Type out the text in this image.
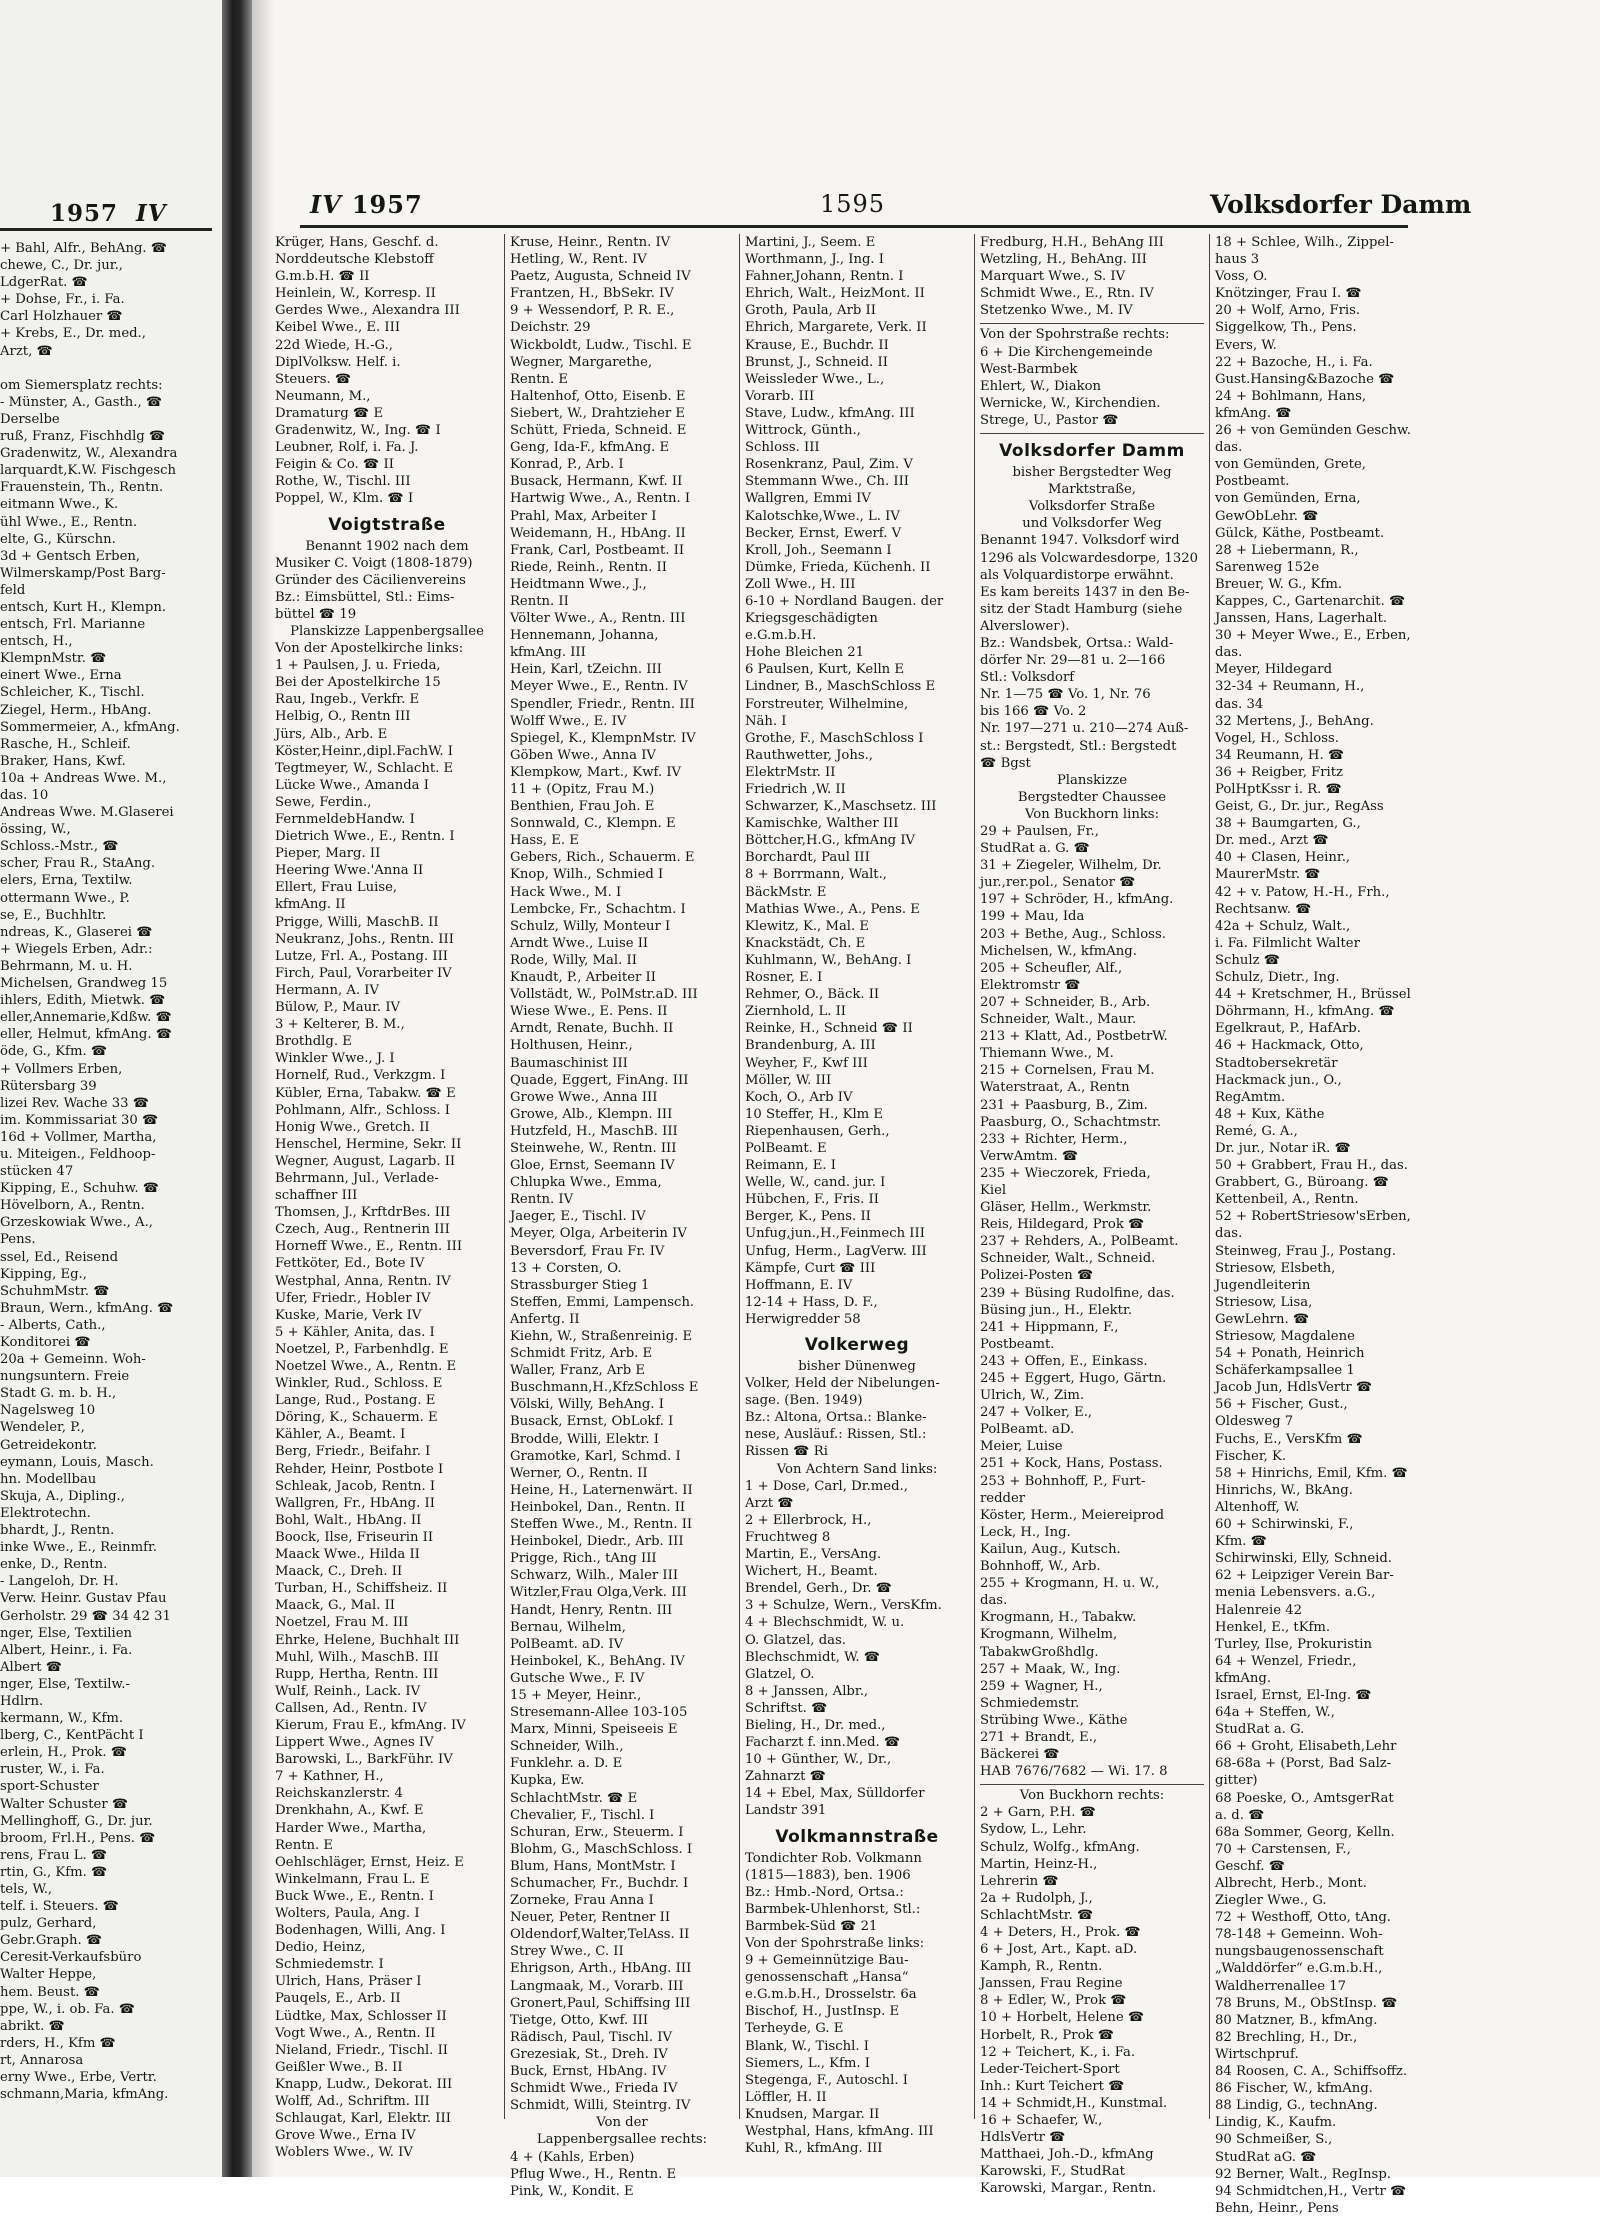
1957 IV
+ Bahl, Alfr., BehAng. ☎
chewe, C., Dr. jur.,
LdgerRat. ☎
+ Dohse, Fr., i. Fa.
Carl Holzhauer ☎
+ Krebs, E., Dr. med.,
Arzt, ☎

om Siemersplatz rechts:
- Münster, A., Gasth., ☎
Derselbe
ruß, Franz, Fischhdlg ☎
Gradenwitz, W., Alexandra
larquardt,K.W. Fischgesch
Frauenstein, Th., Rentn.
eitmann Wwe., K.
ühl Wwe., E., Rentn.
elte, G., Kürschn.
3d + Gentsch Erben,
Wilmerskamp/Post Barg-
feld
entsch, Kurt H., Klempn.
entsch, Frl. Marianne
entsch, H.,
KlempnMstr. ☎
einert Wwe., Erna
Schleicher, K., Tischl.
Ziegel, Herm., HbAng.
Sommermeier, A., kfmAng.
Rasche, H., Schleif.
Braker, Hans, Kwf.
10a + Andreas Wwe. M.,
das. 10
Andreas Wwe. M.Glaserei
össing, W.,
Schloss.-Mstr., ☎
scher, Frau R., StaAng.
elers, Erna, Textilw.
ottermann Wwe., P.
se, E., Buchhltr.
ndreas, K., Glaserei ☎
+ Wiegels Erben, Adr.:
Behrmann, M. u. H.
Michelsen, Grandweg 15
ihlers, Edith, Mietwk. ☎
eller,Annemarie,Kdßw. ☎
eller, Helmut, kfmAng. ☎
öde, G., Kfm. ☎
+ Vollmers Erben,
Rütersbarg 39
lizei Rev. Wache 33 ☎
im. Kommissariat 30 ☎
16d + Vollmer, Martha,
u. Miteigen., Feldhoop-
stücken 47
Kipping, E., Schuhw. ☎
Hövelborn, A., Rentn.
Grzeskowiak Wwe., A.,
Pens.
ssel, Ed., Reisend
Kipping, Eg.,
SchuhmMstr. ☎
Braun, Wern., kfmAng. ☎
- Alberts, Cath.,
Konditorei ☎
20a + Gemeinn. Woh-
nungsuntern. Freie
Stadt G. m. b. H.,
Nagelsweg 10
Wendeler, P.,
Getreidekontr.
eymann, Louis, Masch.
hn. Modellbau
Skuja, A., Dipling.,
Elektrotechn.
bhardt, J., Rentn.
inke Wwe., E., Reinmfr.
enke, D., Rentn.
- Langeloh, Dr. H.
Verw. Heinr. Gustav Pfau
Gerholstr. 29 ☎ 34 42 31
nger, Else, Textilien
Albert, Heinr., i. Fa.
Albert ☎
nger, Else, Textilw.-
Hdlrn.
kermann, W., Kfm.
lberg, C., KentPächt I
erlein, H., Prok. ☎
ruster, W., i. Fa.
sport-Schuster
Walter Schuster ☎
Mellinghoff, G., Dr. jur.
broom, Frl.H., Pens. ☎
rens, Frau L. ☎
rtin, G., Kfm. ☎
tels, W.,
telf. i. Steuers. ☎
pulz, Gerhard,
Gebr.Graph. ☎
Ceresit-Verkaufsbüro
Walter Heppe,
hem. Beust. ☎
ppe, W., i. ob. Fa. ☎
abrikt. ☎
rders, H., Kfm ☎
rt, Annarosa
erny Wwe., Erbe, Vertr.
schmann,Maria, kfmAng.
IV 1957	1595	Volksdorfer Damm
Krüger, Hans, Geschf. d.
Norddeutsche Klebstoff
G.m.b.H. ☎ II
Heinlein, W., Korresp. II
Gerdes Wwe., Alexandra III
Keibel Wwe., E. III
22d Wiede, H.-G.,
DiplVolksw. Helf. i.
Steuers. ☎
Neumann, M.,
Dramaturg ☎ E
Gradenwitz, W., Ing. ☎ I
Leubner, Rolf, i. Fa. J.
Feigin & Co. ☎ II
Rothe, W., Tischl. III
Poppel, W., Klm. ☎ I
Voigtstraße
Benannt 1902 nach dem
Musiker C. Voigt (1808-1879)
Gründer des Cäcilienvereins
Bz.: Eimsbüttel, Stl.: Eims-
büttel ☎ 19
Planskizze Lappenbergsallee
Von der Apostelkirche links:
1 + Paulsen, J. u. Frieda,
Bei der Apostelkirche 15
Rau, Ingeb., Verkfr. E
Helbig, O., Rentn III
Jürs, Alb., Arb. E
Köster,Heinr.,dipl.FachW. I
Tegtmeyer, W., Schlacht. E
Lücke Wwe., Amanda I
Sewe, Ferdin.,
FernmeldebHandw. I
Dietrich Wwe., E., Rentn. I
Pieper, Marg. II
Heering Wwe.'Anna II
Ellert, Frau Luise,
kfmAng. II
Prigge, Willi, MaschB. II
Neukranz, Johs., Rentn. III
Lutze, Frl. A., Postang. III
Firch, Paul, Vorarbeiter IV
Hermann, A. IV
Bülow, P., Maur. IV
3 + Kelterer, B. M.,
Brothdlg. E
Winkler Wwe., J. I
Hornelf, Rud., Verkzgm. I
Kübler, Erna, Tabakw. ☎ E
Pohlmann, Alfr., Schloss. I
Honig Wwe., Gretch. II
Henschel, Hermine, Sekr. II
Wegner, August, Lagarb. II
Behrmann, Jul., Verlade-
schaffner III
Thomsen, J., KrftdrBes. III
Czech, Aug., Rentnerin III
Horneff Wwe., E., Rentn. III
Fettköter, Ed., Bote IV
Westphal, Anna, Rentn. IV
Ufer, Friedr., Hobler IV
Kuske, Marie, Verk IV
5 + Kähler, Anita, das. I
Noetzel, P., Farbenhdlg. E
Noetzel Wwe., A., Rentn. E
Winkler, Rud., Schloss. E
Lange, Rud., Postang. E
Döring, K., Schauerm. E
Kähler, A., Beamt. I
Berg, Friedr., Beifahr. I
Rehder, Heinr, Postbote I
Schleak, Jacob, Rentn. I
Wallgren, Fr., HbAng. II
Bohl, Walt., HbAng. II
Boock, Ilse, Friseurin II
Maack Wwe., Hilda II
Maack, C., Dreh. II
Turban, H., Schiffsheiz. II
Maack, G., Mal. II
Noetzel, Frau M. III
Ehrke, Helene, Buchhalt III
Muhl, Wilh., MaschB. III
Rupp, Hertha, Rentn. III
Wulf, Reinh., Lack. IV
Callsen, Ad., Rentn. IV
Kierum, Frau E., kfmAng. IV
Lippert Wwe., Agnes IV
Barowski, L., BarkFühr. IV
7 + Kathner, H.,
Reichskanzlerstr. 4
Drenkhahn, A., Kwf. E
Harder Wwe., Martha,
Rentn. E
Oehlschläger, Ernst, Heiz. E
Winkelmann, Frau L. E
Buck Wwe., E., Rentn. I
Wolters, Paula, Ang. I
Bodenhagen, Willi, Ang. I
Dedio, Heinz,
Schmiedemstr. I
Ulrich, Hans, Präser I
Pauqels, E., Arb. II
Lüdtke, Max, Schlosser II
Vogt Wwe., A., Rentn. II
Nieland, Friedr., Tischl. II
Geißler Wwe., B. II
Knapp, Ludw., Dekorat. III
Wolff, Ad., Schriftm. III
Schlaugat, Karl, Elektr. III
Grove Wwe., Erna IV
Woblers Wwe., W. IV
Kruse, Heinr., Rentn. IV
Hetling, W., Rent. IV
Paetz, Augusta, Schneid IV
Frantzen, H., BbSekr. IV
9 + Wessendorf, P. R. E.,
Deichstr. 29
Wickboldt, Ludw., Tischl. E
Wegner, Margarethe,
Rentn. E
Haltenhof, Otto, Eisenb. E
Siebert, W., Drahtzieher E
Schütt, Frieda, Schneid. E
Geng, Ida-F., kfmAng. E
Konrad, P., Arb. I
Busack, Hermann, Kwf. II
Hartwig Wwe., A., Rentn. I
Prahl, Max, Arbeiter I
Weidemann, H., HbAng. II
Frank, Carl, Postbeamt. II
Riede, Reinh., Rentn. II
Heidtmann Wwe., J.,
Rentn. II
Völter Wwe., A., Rentn. III
Hennemann, Johanna,
kfmAng. III
Hein, Karl, tZeichn. III
Meyer Wwe., E., Rentn. IV
Spendler, Friedr., Rentn. III
Wolff Wwe., E. IV
Spiegel, K., KlempnMstr. IV
Göben Wwe., Anna IV
Klempkow, Mart., Kwf. IV
11 + (Opitz, Frau M.)
Benthien, Frau Joh. E
Sonnwald, C., Klempn. E
Hass, E. E
Gebers, Rich., Schauerm. E
Knop, Wilh., Schmied I
Hack Wwe., M. I
Lembcke, Fr., Schachtm. I
Schulz, Willy, Monteur I
Arndt Wwe., Luise II
Rode, Willy, Mal. II
Knaudt, P., Arbeiter II
Vollstädt, W., PolMstr.aD. III
Wiese Wwe., E. Pens. II
Arndt, Renate, Buchh. II
Holthusen, Heinr.,
Baumaschinist III
Quade, Eggert, FinAng. III
Growe Wwe., Anna III
Growe, Alb., Klempn. III
Hutzfeld, H., MaschB. III
Steinwehe, W., Rentn. III
Gloe, Ernst, Seemann IV
Chlupka Wwe., Emma,
Rentn. IV
Jaeger, E., Tischl. IV
Meyer, Olga, Arbeiterin IV
Beversdorf, Frau Fr. IV
13 + Corsten, O.
Strassburger Stieg 1
Steffen, Emmi, Lampensch.
Anfertg. II
Kiehn, W., Straßenreinig. E
Schmidt Fritz, Arb. E
Waller, Franz, Arb E
Buschmann,H.,KfzSchloss E
Völski, Willy, BehAng. I
Busack, Ernst, ObLokf. I
Brodde, Willi, Elektr. I
Gramotke, Karl, Schmd. I
Werner, O., Rentn. II
Heine, H., Laternenwärt. II
Heinbokel, Dan., Rentn. II
Steffen Wwe., M., Rentn. II
Heinbokel, Diedr., Arb. III
Prigge, Rich., tAng III
Schwarz, Wilh., Maler III
Witzler,Frau Olga,Verk. III
Handt, Henry, Rentn. III
Bernau, Wilhelm,
PolBeamt. aD. IV
Heinbokel, K., BehAng. IV
Gutsche Wwe., F. IV
15 + Meyer, Heinr.,
Stresemann-Allee 103-105
Marx, Minni, Speiseeis E
Schneider, Wilh.,
Funklehr. a. D. E
Kupka, Ew.
SchlachtMstr. ☎ E
Chevalier, F., Tischl. I
Schuran, Erw., Steuerm. I
Blohm, G., MaschSchloss. I
Blum, Hans, MontMstr. I
Schumacher, Fr., Buchdr. I
Zorneke, Frau Anna I
Neuer, Peter, Rentner II
Oldendorf,Walter,TelAss. II
Strey Wwe., C. II
Ehrigson, Arth., HbAng. III
Langmaak, M., Vorarb. III
Gronert,Paul, Schiffsing III
Tietge, Otto, Kwf. III
Rädisch, Paul, Tischl. IV
Grezesiak, St., Dreh. IV
Buck, Ernst, HbAng. IV
Schmidt Wwe., Frieda IV
Schmidt, Willi, Steintrg. IV
Von der
Lappenbergsallee rechts:
4 + (Kahls, Erben)
Pflug Wwe., H., Rentn. E
Pink, W., Kondit. E
Martini, J., Seem. E
Worthmann, J., Ing. I
Fahner,Johann, Rentn. I
Ehrich, Walt., HeizMont. II
Groth, Paula, Arb II
Ehrich, Margarete, Verk. II
Krause, E., Buchdr. II
Brunst, J., Schneid. II
Weissleder Wwe., L.,
Vorarb. III
Stave, Ludw., kfmAng. III
Wittrock, Günth.,
Schloss. III
Rosenkranz, Paul, Zim. V
Stemmann Wwe., Ch. III
Wallgren, Emmi IV
Kalotschke,Wwe., L. IV
Becker, Ernst, Ewerf. V
Kroll, Joh., Seemann I
Dümke, Frieda, Küchenh. II
Zoll Wwe., H. III
6-10 + Nordland Baugen. der
Kriegsgeschädigten
e.G.m.b.H.
Hohe Bleichen 21
6 Paulsen, Kurt, Kelln E
Lindner, B., MaschSchloss E
Forstreuter, Wilhelmine,
Näh. I
Grothe, F., MaschSchloss I
Rauthwetter, Johs.,
ElektrMstr. II
Friedrich ,W. II
Schwarzer, K.,Maschsetz. III
Kamischke, Walther III
Böttcher,H.G., kfmAng IV
Borchardt, Paul III
8 + Borrmann, Walt.,
BäckMstr. E
Mathias Wwe., A., Pens. E
Klewitz, K., Mal. E
Knackstädt, Ch. E
Kuhlmann, W., BehAng. I
Rosner, E. I
Rehmer, O., Bäck. II
Ziernhold, L. II
Reinke, H., Schneid ☎ II
Brandenburg, A. III
Weyher, F., Kwf III
Möller, W. III
Koch, O., Arb IV
10 Steffer, H., Klm E
Riepenhausen, Gerh.,
PolBeamt. E
Reimann, E. I
Welle, W., cand. jur. I
Hübchen, F., Fris. II
Berger, K., Pens. II
Unfug,jun.,H.,Feinmech III
Unfug, Herm., LagVerw. III
Kämpfe, Curt ☎ III
Hoffmann, E. IV
12-14 + Hass, D. F.,
Herwigredder 58
Volkerweg
bisher Dünenweg
Volker, Held der Nibelungen-
sage. (Ben. 1949)
Bz.: Altona, Ortsa.: Blanke-
nese, Ausläuf.: Rissen, Stl.:
Rissen ☎ Ri
Von Achtern Sand links:
1 + Dose, Carl, Dr.med.,
Arzt ☎
2 + Ellerbrock, H.,
Fruchtweg 8
Martin, E., VersAng.
Wichert, H., Beamt.
Brendel, Gerh., Dr. ☎
3 + Schulze, Wern., VersKfm.
4 + Blechschmidt, W. u.
O. Glatzel, das.
Blechschmidt, W. ☎
Glatzel, O.
8 + Janssen, Albr.,
Schriftst. ☎
Bieling, H., Dr. med.,
Facharzt f. inn.Med. ☎
10 + Günther, W., Dr.,
Zahnarzt ☎
14 + Ebel, Max, Sülldorfer
Landstr 391
Volkmannstraße
Tondichter Rob. Volkmann
(1815—1883), ben. 1906
Bz.: Hmb.-Nord, Ortsa.:
Barmbek-Uhlenhorst, Stl.:
Barmbek-Süd ☎ 21
Von der Spohrstraße links:
9 + Gemeinnützige Bau-
genossenschaft „Hansa“
e.G.m.b.H., Drosselstr. 6a
Bischof, H., JustInsp. E
Terheyde, G. E
Blank, W., Tischl. I
Siemers, L., Kfm. I
Stegenga, F., Autoschl. I
Löffler, H. II
Knudsen, Margar. II
Westphal, Hans, kfmAng. III
Kuhl, R., kfmAng. III
Fredburg, H.H., BehAng III
Wetzling, H., BehAng. III
Marquart Wwe., S. IV
Schmidt Wwe., E., Rtn. IV
Stetzenko Wwe., M. IV
Von der Spohrstraße rechts:
6 + Die Kirchengemeinde
West-Barmbek
Ehlert, W., Diakon
Wernicke, W., Kirchendien.
Strege, U., Pastor ☎
Volksdorfer Damm
bisher Bergstedter Weg
Marktstraße,
Volksdorfer Straße
und Volksdorfer Weg
Benannt 1947. Volksdorf wird
1296 als Volcwardesdorpe, 1320
als Volquardistorpe erwähnt.
Es kam bereits 1437 in den Be-
sitz der Stadt Hamburg (siehe
Alverslowег).
Bz.: Wandsbek, Ortsa.: Wald-
dörfer Nr. 29—81 u. 2—166
Stl.: Volksdorf
Nr. 1—75 ☎ Vo. 1, Nr. 76
bis 166 ☎ Vo. 2
Nr. 197—271 u. 210—274 Auß-
st.: Bergstedt, Stl.: Bergstedt
☎ Bgst
Planskizze
Bergstedter Chaussee
Von Buckhorn links:
29 + Paulsen, Fr.,
StudRat a. G. ☎
31 + Ziegeler, Wilhelm, Dr.
jur.,rer.pol., Senator ☎
197 + Schröder, H., kfmAng.
199 + Mau, Ida
203 + Bethe, Aug., Schloss.
Michelsen, W., kfmAng.
205 + Scheufler, Alf.,
Elektromstr ☎
207 + Schneider, B., Arb.
Schneider, Walt., Maur.
213 + Klatt, Ad., PostbetrW.
Thiemann Wwe., M.
215 + Cornelsen, Frau M.
Waterstraat, A., Rentn
231 + Paasburg, B., Zim.
Paasburg, O., Schachtmstr.
233 + Richter, Herm.,
VerwAmtm. ☎
235 + Wieczorek, Frieda,
Kiel
Gläser, Hellm., Werkmstr.
Reis, Hildegard, Prok ☎
237 + Rehders, A., PolBeamt.
Schneider, Walt., Schneid.
Polizei-Posten ☎
239 + Büsing Rudolfine, das.
Büsing jun., H., Elektr.
241 + Hippmann, F.,
Postbeamt.
243 + Offen, E., Einkass.
245 + Eggert, Hugo, Gärtn.
Ulrich, W., Zim.
247 + Volker, E.,
PolBeamt. aD.
Meier, Luise
251 + Kock, Hans, Postass.
253 + Bohnhoff, P., Furt-
redder
Köster, Herm., Meiereiprod
Leck, H., Ing.
Kailun, Aug., Kutsch.
Bohnhoff, W., Arb.
255 + Krogmann, H. u. W.,
das.
Krogmann, H., Tabakw.
Krogmann, Wilhelm,
TabakwGroßhdlg.
257 + Maak, W., Ing.
259 + Wagner, H.,
Schmiedemstr.
Strübing Wwe., Käthe
271 + Brandt, E.,
Bäckerei ☎
HAB 7676/7682 — Wi. 17. 8
Von Buckhorn rechts:
2 + Garn, P.H. ☎
Sydow, L., Lehr.
Schulz, Wolfg., kfmAng.
Martin, Heinz-H.,
Lehrerin ☎
2a + Rudolph, J.,
SchlachtMstr. ☎
4 + Deters, H., Prok. ☎
6 + Jost, Art., Kapt. aD.
Kamph, R., Rentn.
Janssen, Frau Regine
8 + Edler, W., Prok ☎
10 + Horbelt, Helene ☎
Horbelt, R., Prok ☎
12 + Teichert, K., i. Fa.
Leder-Teichert-Sport
Inh.: Kurt Teichert ☎
14 + Schmidt,H., Kunstmal.
16 + Schaefer, W.,
HdlsVertr ☎
Matthaei, Joh.-D., kfmAng
Karowski, F., StudRat
Karowski, Margar., Rentn.
18 + Schlee, Wilh., Zippel-
haus 3
Voss, O.
Knötzinger, Frau I. ☎
20 + Wolf, Arno, Fris.
Siggelkow, Th., Pens.
Evers, W.
22 + Bazoche, H., i. Fa.
Gust.Hansing&Bazoche ☎
24 + Bohlmann, Hans,
kfmAng. ☎
26 + von Gemünden Geschw.
das.
von Gemünden, Grete,
Postbeamt.
von Gemünden, Erna,
GewObLehr. ☎
Gülck, Käthe, Postbeamt.
28 + Liebermann, R.,
Sarenweg 152e
Breuer, W. G., Kfm.
Kappes, C., Gartenarchit. ☎
Janssen, Hans, Lagerhalt.
30 + Meyer Wwe., E., Erben,
das.
Meyer, Hildegard
32-34 + Reumann, H.,
das. 34
32 Mertens, J., BehAng.
Vogel, H., Schloss.
34 Reumann, H. ☎
36 + Reigber, Fritz
PolHptKssr i. R. ☎
Geist, G., Dr. jur., RegAss
38 + Baumgarten, G.,
Dr. med., Arzt ☎
40 + Clasen, Heinr.,
MaurerMstr. ☎
42 + v. Patow, H.-H., Frh.,
Rechtsanw. ☎
42a + Schulz, Walt.,
i. Fa. Filmlicht Walter
Schulz ☎
Schulz, Dietr., Ing.
44 + Kretschmer, H., Brüssel
Döhrmann, H., kfmAng. ☎
Egelkraut, P., HafArb.
46 + Hackmack, Otto,
Stadtobersekretär
Hackmack jun., O.,
RegAmtm.
48 + Kux, Käthe
Remé, G. A.,
Dr. jur., Notar iR. ☎
50 + Grabbert, Frau H., das.
Grabbert, G., Büroang. ☎
Kettenbeil, A., Rentn.
52 + RobertStriesow'sErben,
das.
Steinweg, Frau J., Postang.
Striesow, Elsbeth,
Jugendleiterin
Striesow, Lisa,
GewLehrn. ☎
Striesow, Magdalene
54 + Ponath, Heinrich
Schäferkampsallee 1
Jacob Jun, HdlsVertr ☎
56 + Fischer, Gust.,
Oldesweg 7
Fuchs, E., VersKfm ☎
Fischer, K.
58 + Hinrichs, Emil, Kfm. ☎
Hinrichs, W., BkAng.
Altenhoff, W.
60 + Schirwinski, F.,
Kfm. ☎
Schirwinski, Elly, Schneid.
62 + Leipziger Verein Bar-
menia Lebensvers. a.G.,
Halenreie 42
Henkel, E., tKfm.
Turley, Ilse, Prokuristin
64 + Wenzel, Friedr.,
kfmAng.
Israel, Ernst, El-Ing. ☎
64a + Steffen, W.,
StudRat a. G.
66 + Groht, Elisabeth,Lehr
68-68a + (Porst, Bad Salz-
gitter)
68 Poeske, O., AmtsgerRat
a. d. ☎
68a Sommer, Georg, Kelln.
70 + Carstensen, F.,
Geschf. ☎
Albrecht, Herb., Mont.
Ziegler Wwe., G.
72 + Westhoff, Otto, tAng.
78-148 + Gemeinn. Woh-
nungsbaugenossenschaft
„Walddörfer“ e.G.m.b.H.,
Waldherrenallee 17
78 Bruns, M., ObStInsp. ☎
80 Matzner, B., kfmAng.
82 Brechling, H., Dr.,
Wirtschpruf.
84 Roosen, C. A., Schiffsoffz.
86 Fischer, W., kfmAng.
88 Lindig, G., technAng.
Lindig, K., Kaufm.
90 Schmeißer, S.,
StudRat aG. ☎
92 Berner, Walt., RegInsp.
94 Schmidtchen,H., Vertr ☎
Behn, Heinr., Pens
